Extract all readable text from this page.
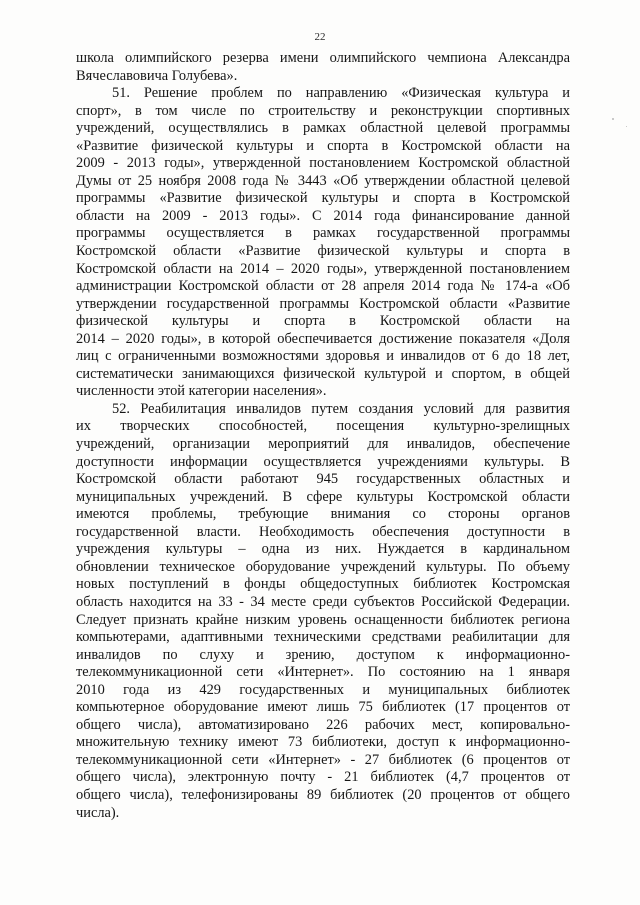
22
школа олимпийского резерва имени олимпийского чемпиона Александра
Вячеславовича Голубева».
51. Решение проблем по направлению «Физическая культура и
спорт», в том числе по строительству и реконструкции спортивных
учреждений, осуществлялись в рамках областной целевой программы
«Развитие физической культуры и спорта в Костромской области на
2009 - 2013 годы», утвержденной постановлением Костромской областной
Думы от 25 ноября 2008 года № 3443 «Об утверждении областной целевой
программы «Развитие физической культуры и спорта в Костромской
области на 2009 - 2013 годы». С 2014 года финансирование данной
программы осуществляется в рамках государственной программы
Костромской области «Развитие физической культуры и спорта в
Костромской области на 2014 – 2020 годы», утвержденной постановлением
администрации Костромской области от 28 апреля 2014 года № 174-а «Об
утверждении государственной программы Костромской области «Развитие
физической культуры и спорта в Костромской области на
2014 – 2020 годы», в которой обеспечивается достижение показателя «Доля
лиц с ограниченными возможностями здоровья и инвалидов от 6 до 18 лет,
систематически занимающихся физической культурой и спортом, в общей
численности этой категории населения».
52. Реабилитация инвалидов путем создания условий для развития
их творческих способностей, посещения культурно-зрелищных
учреждений, организации мероприятий для инвалидов, обеспечение
доступности информации осуществляется учреждениями культуры. В
Костромской области работают 945 государственных областных и
муниципальных учреждений. В сфере культуры Костромской области
имеются проблемы, требующие внимания со стороны органов
государственной власти. Необходимость обеспечения доступности в
учреждения культуры – одна из них. Нуждается в кардинальном
обновлении техническое оборудование учреждений культуры. По объему
новых поступлений в фонды общедоступных библиотек Костромская
область находится на 33 - 34 месте среди субъектов Российской Федерации.
Следует признать крайне низким уровень оснащенности библиотек региона
компьютерами, адаптивными техническими средствами реабилитации для
инвалидов по слуху и зрению, доступом к информационно-
телекоммуникационной сети «Интернет». По состоянию на 1 января
2010 года из 429 государственных и муниципальных библиотек
компьютерное оборудование имеют лишь 75 библиотек (17 процентов от
общего числа), автоматизировано 226 рабочих мест, копировально-
множительную технику имеют 73 библиотеки, доступ к информационно-
телекоммуникационной сети «Интернет» - 27 библиотек (6 процентов от
общего числа), электронную почту - 21 библиотек (4,7 процентов от
общего числа), телефонизированы 89 библиотек (20 процентов от общего
числа).
